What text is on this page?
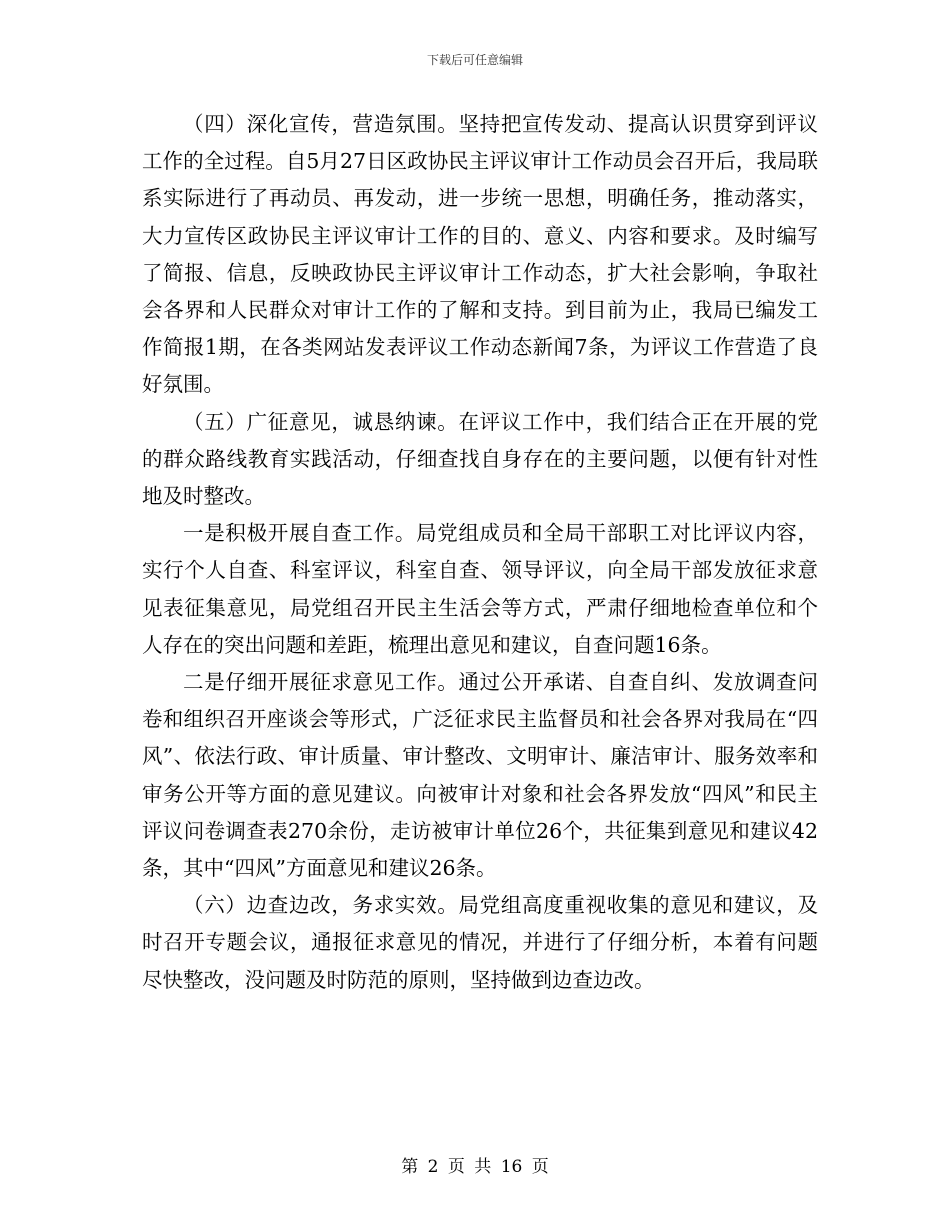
下载后可任意编辑

（四）深化宣传，营造氛围。坚持把宣传发动、提高认识贯穿到评议工作的全过程。自5月27日区政协民主评议审计工作动员会召开后，我局联系实际进行了再动员、再发动，进一步统一思想，明确任务，推动落实，大力宣传区政协民主评议审计工作的目的、意义、内容和要求。及时编写了简报、信息，反映政协民主评议审计工作动态，扩大社会影响，争取社会各界和人民群众对审计工作的了解和支持。到目前为止，我局已编发工作简报1期，在各类网站发表评议工作动态新闻7条，为评议工作营造了良好氛围。

（五）广征意见，诚恳纳谏。在评议工作中，我们结合正在开展的党的群众路线教育实践活动，仔细查找自身存在的主要问题，以便有针对性地及时整改。

一是积极开展自查工作。局党组成员和全局干部职工对比评议内容，实行个人自查、科室评议，科室自查、领导评议，向全局干部发放征求意见表征集意见，局党组召开民主生活会等方式，严肃仔细地检查单位和个人存在的突出问题和差距，梳理出意见和建议，自查问题16条。

二是仔细开展征求意见工作。通过公开承诺、自查自纠、发放调查问卷和组织召开座谈会等形式，广泛征求民主监督员和社会各界对我局在“四风”、依法行政、审计质量、审计整改、文明审计、廉洁审计、服务效率和审务公开等方面的意见建议。向被审计对象和社会各界发放“四风”和民主评议问卷调查表270余份，走访被审计单位26个，共征集到意见和建议42条，其中“四风”方面意见和建议26条。

（六）边查边改，务求实效。局党组高度重视收集的意见和建议，及时召开专题会议，通报征求意见的情况，并进行了仔细分析，本着有问题尽快整改，没问题及时防范的原则，坚持做到边查边改。

第 2 页 共 16 页
